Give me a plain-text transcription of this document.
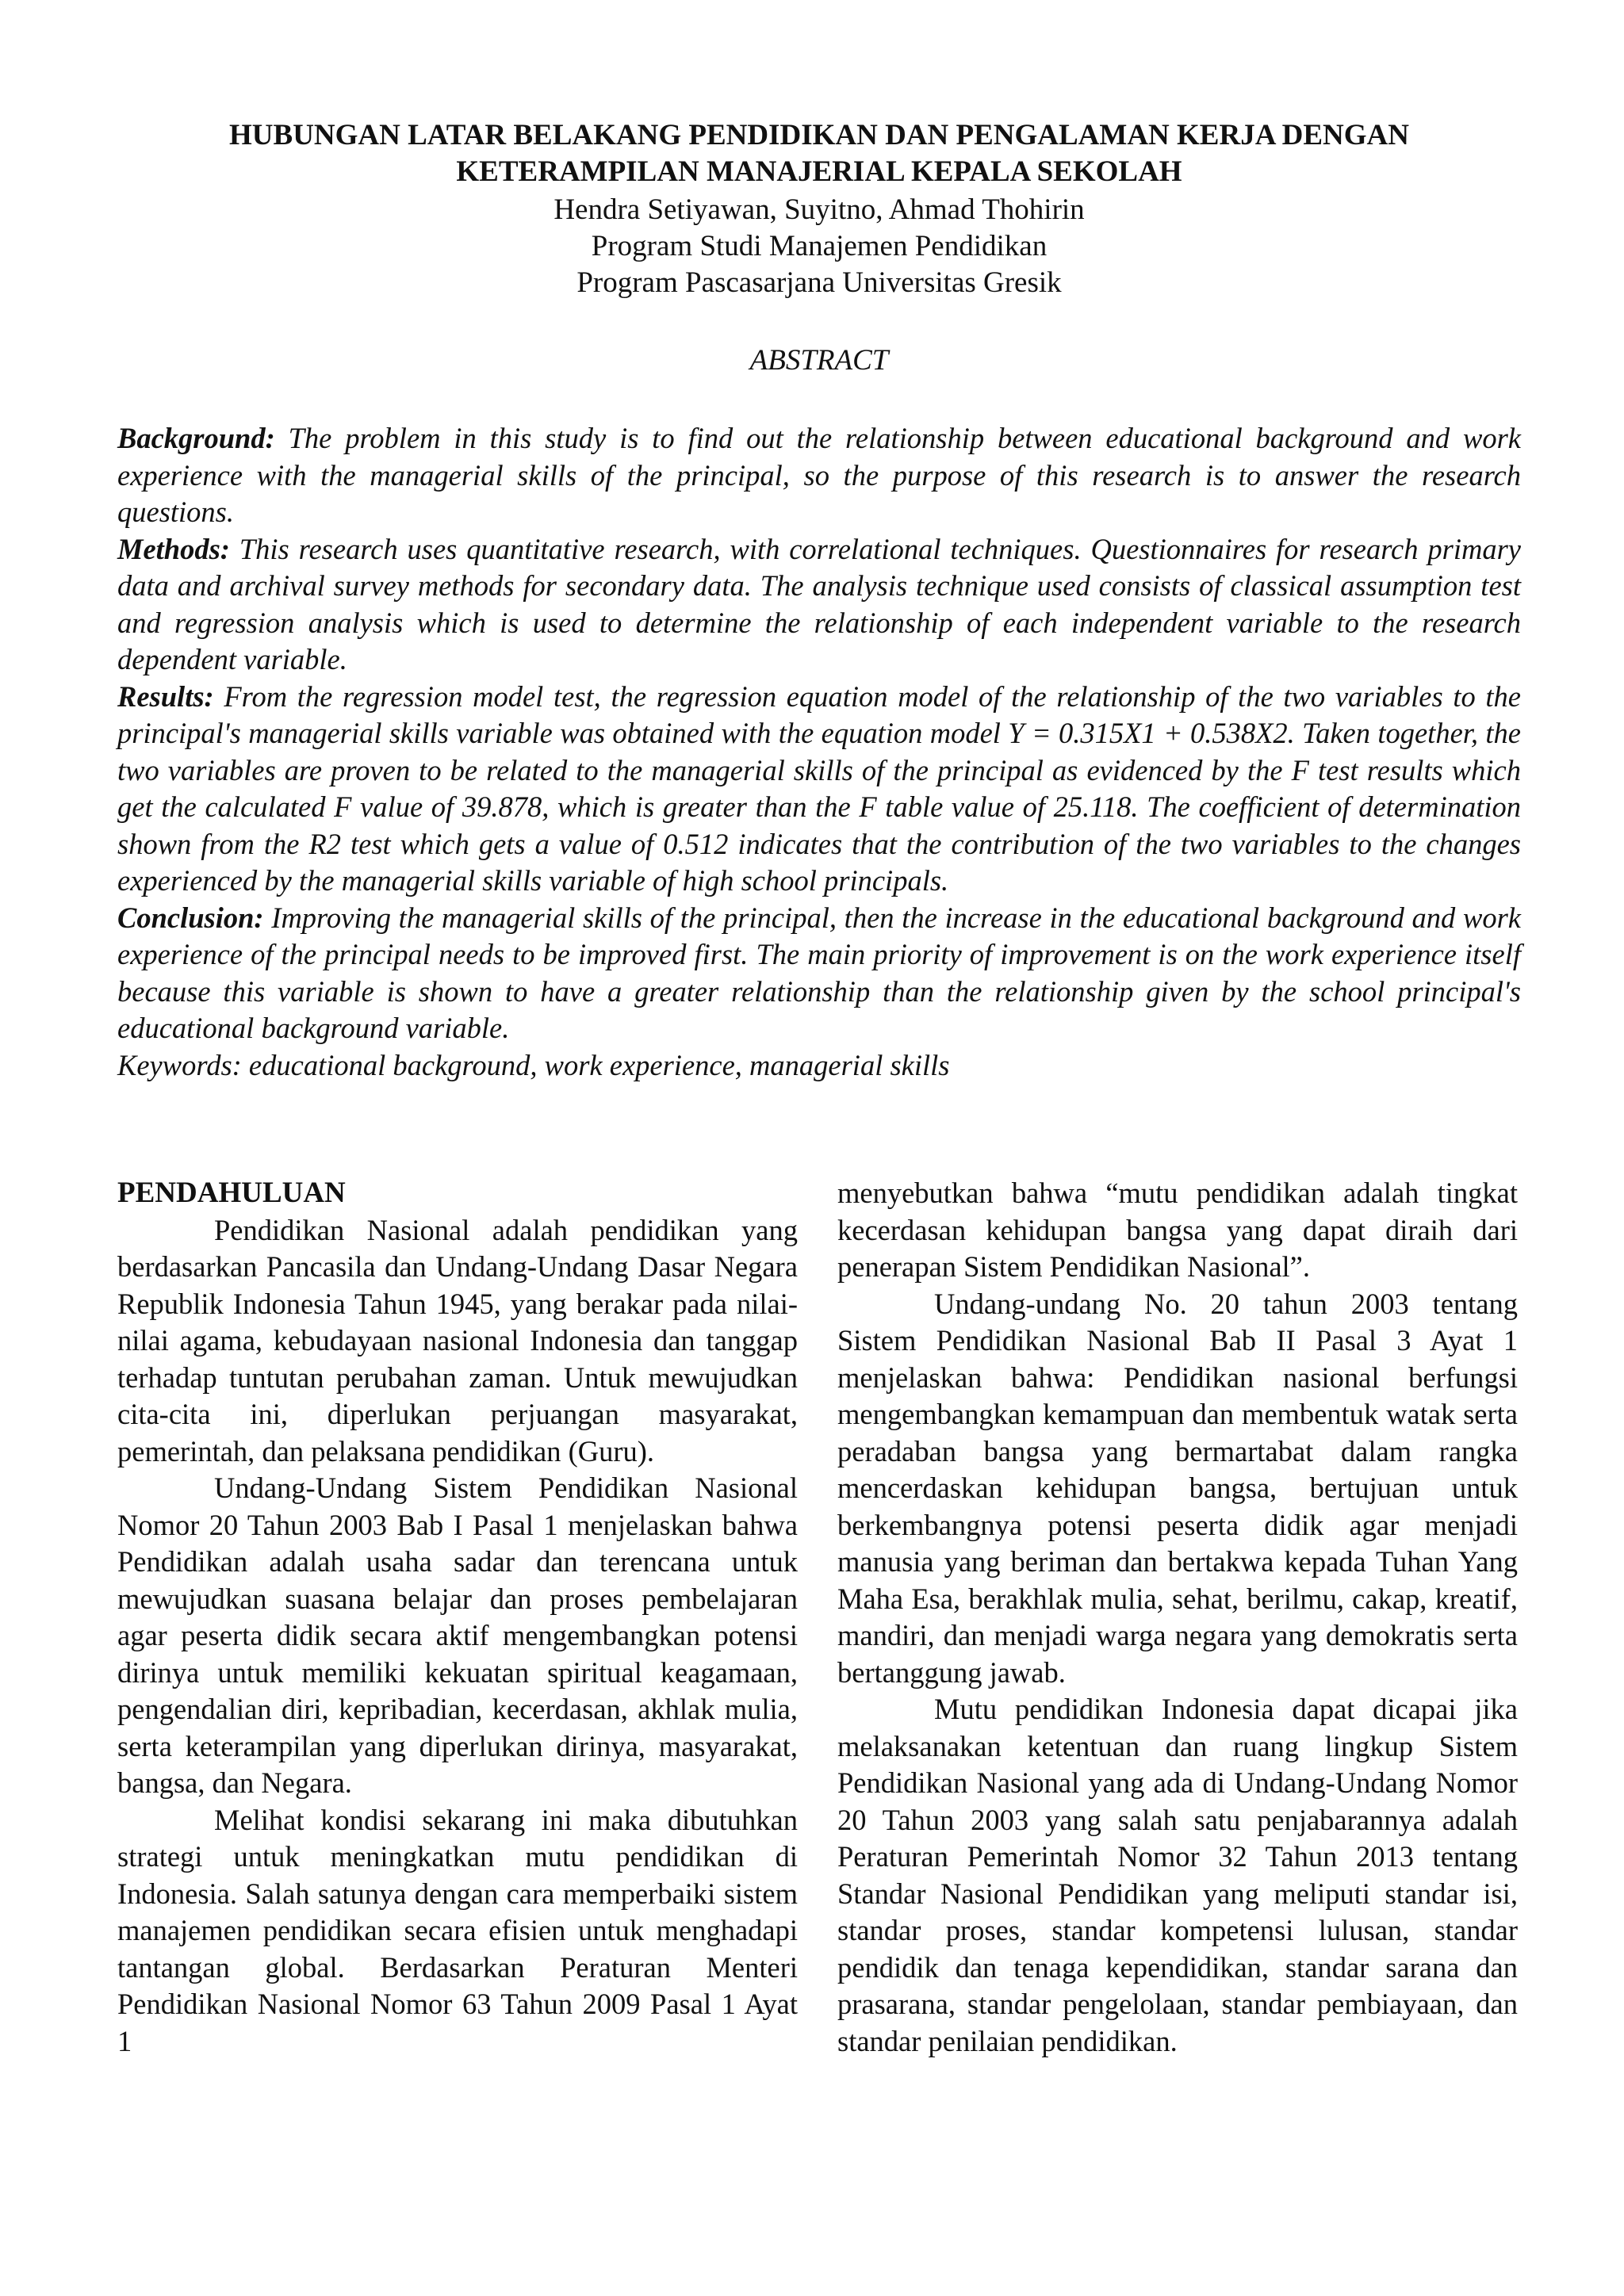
HUBUNGAN LATAR BELAKANG PENDIDIKAN DAN PENGALAMAN KERJA DENGAN
KETERAMPILAN MANAJERIAL KEPALA SEKOLAH
Hendra Setiyawan, Suyitno, Ahmad Thohirin
Program Studi Manajemen Pendidikan
Program Pascasarjana Universitas Gresik
ABSTRACT

Background: The problem in this study is to find out the relationship between educational background and work experience with the managerial skills of the principal, so the purpose of this research is to answer the research questions.

Methods: This research uses quantitative research, with correlational techniques. Questionnaires for research primary data and archival survey methods for secondary data. The analysis technique used consists of classical assumption test and regression analysis which is used to determine the relationship of each independent variable to the research dependent variable.

Results: From the regression model test, the regression equation model of the relationship of the two variables to the principal's managerial skills variable was obtained with the equation model Y = 0.315X1 + 0.538X2. Taken together, the two variables are proven to be related to the managerial skills of the principal as evidenced by the F test results which get the calculated F value of 39.878, which is greater than the F table value of 25.118. The coefficient of determination shown from the R2 test which gets a value of 0.512 indicates that the contribution of the two variables to the changes experienced by the managerial skills variable of high school principals.

Conclusion: Improving the managerial skills of the principal, then the increase in the educational background and work experience of the principal needs to be improved first. The main priority of improvement is on the work experience itself because this variable is shown to have a greater relationship than the relationship given by the school principal's educational background variable.

Keywords: educational background, work experience, managerial skills

PENDAHULUAN

Pendidikan Nasional adalah pendidikan yang berdasarkan Pancasila dan Undang-Undang Dasar Negara Republik Indonesia Tahun 1945, yang berakar pada nilai-nilai agama, kebudayaan nasional Indonesia dan tanggap terhadap tuntutan perubahan zaman. Untuk mewujudkan cita-cita ini, diperlukan perjuangan masyarakat, pemerintah, dan pelaksana pendidikan (Guru).

Undang-Undang Sistem Pendidikan Nasional Nomor 20 Tahun 2003 Bab I Pasal 1 menjelaskan bahwa Pendidikan adalah usaha sadar dan terencana untuk mewujudkan suasana belajar dan proses pembelajaran agar peserta didik secara aktif mengembangkan potensi dirinya untuk memiliki kekuatan spiritual keagamaan, pengendalian diri, kepribadian, kecerdasan, akhlak mulia, serta keterampilan yang diperlukan dirinya, masyarakat, bangsa, dan Negara.

Melihat kondisi sekarang ini maka dibutuhkan strategi untuk meningkatkan mutu pendidikan di Indonesia. Salah satunya dengan cara memperbaiki sistem manajemen pendidikan secara efisien untuk menghadapi tantangan global. Berdasarkan Peraturan Menteri Pendidikan Nasional Nomor 63 Tahun 2009 Pasal 1 Ayat 1

menyebutkan bahwa “mutu pendidikan adalah tingkat kecerdasan kehidupan bangsa yang dapat diraih dari penerapan Sistem Pendidikan Nasional”.

Undang-undang No. 20 tahun 2003 tentang Sistem Pendidikan Nasional Bab II Pasal 3 Ayat 1 menjelaskan bahwa: Pendidikan nasional berfungsi mengembangkan kemampuan dan membentuk watak serta peradaban bangsa yang bermartabat dalam rangka mencerdaskan kehidupan bangsa, bertujuan untuk berkembangnya potensi peserta didik agar menjadi manusia yang beriman dan bertakwa kepada Tuhan Yang Maha Esa, berakhlak mulia, sehat, berilmu, cakap, kreatif, mandiri, dan menjadi warga negara yang demokratis serta bertanggung jawab.

Mutu pendidikan Indonesia dapat dicapai jika melaksanakan ketentuan dan ruang lingkup Sistem Pendidikan Nasional yang ada di Undang-Undang Nomor 20 Tahun 2003 yang salah satu penjabarannya adalah Peraturan Pemerintah Nomor 32 Tahun 2013 tentang Standar Nasional Pendidikan yang meliputi standar isi, standar proses, standar kompetensi lulusan, standar pendidik dan tenaga kependidikan, standar sarana dan prasarana, standar pengelolaan, standar pembiayaan, dan standar penilaian pendidikan.
